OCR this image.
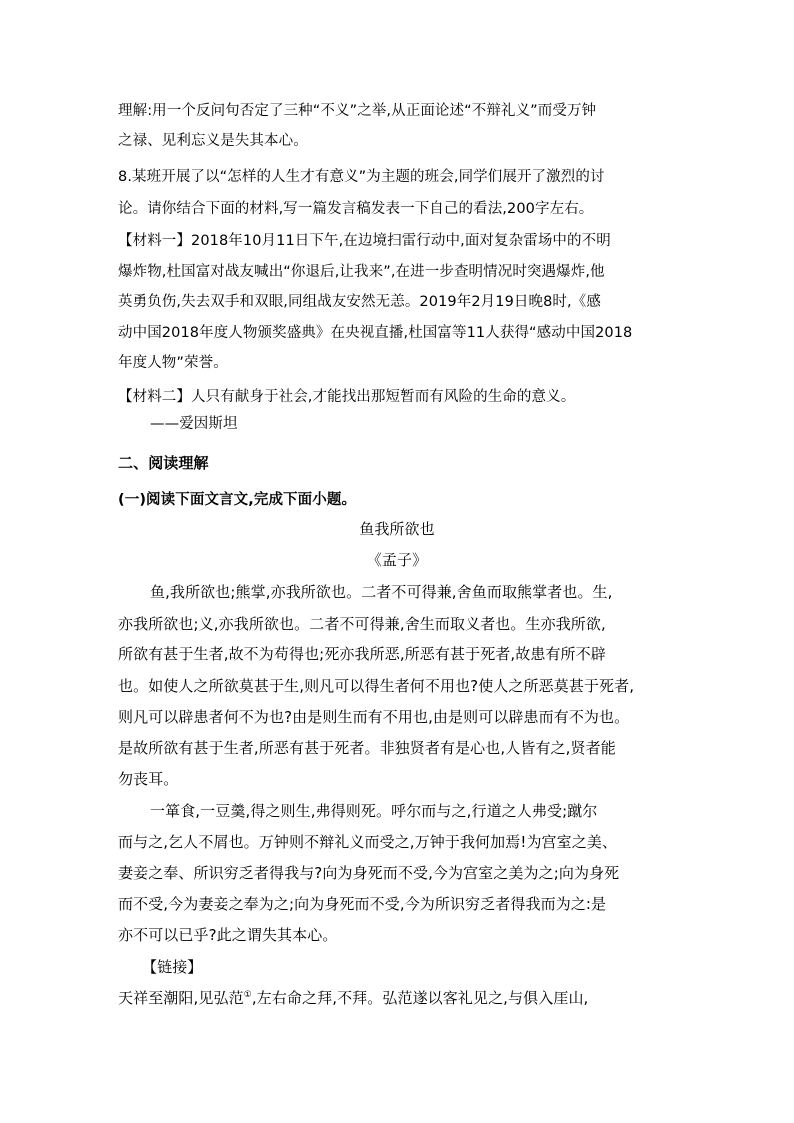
理解:用一个反问句否定了三种“不义”之举,从正面论述“不辩礼义”而受万钟
之禄、见利忘义是失其本心。
8.某班开展了以“怎样的人生才有意义”为主题的班会,同学们展开了激烈的讨
论。请你结合下面的材料,写一篇发言稿发表一下自己的看法,200字左右。
【材料一】2018年10月11日下午,在边境扫雷行动中,面对复杂雷场中的不明
爆炸物,杜国富对战友喊出“你退后,让我来”,在进一步查明情况时突遇爆炸,他
英勇负伤,失去双手和双眼,同组战友安然无恙。2019年2月19日晚8时,《感
动中国2018年度人物颁奖盛典》在央视直播,杜国富等11人获得“感动中国2018
年度人物”荣誉。
【材料二】人只有献身于社会,才能找出那短暂而有风险的生命的意义。
——爱因斯坦
二、阅读理解
(一)阅读下面文言文,完成下面小题。
鱼我所欲也
《孟子》
鱼,我所欲也;熊掌,亦我所欲也。二者不可得兼,舍鱼而取熊掌者也。生,
亦我所欲也;义,亦我所欲也。二者不可得兼,舍生而取义者也。生亦我所欲,
所欲有甚于生者,故不为苟得也;死亦我所恶,所恶有甚于死者,故患有所不辟
也。如使人之所欲莫甚于生,则凡可以得生者何不用也?使人之所恶莫甚于死者,
则凡可以辟患者何不为也?由是则生而有不用也,由是则可以辟患而有不为也。
是故所欲有甚于生者,所恶有甚于死者。非独贤者有是心也,人皆有之,贤者能
勿丧耳。
一箪食,一豆羹,得之则生,弗得则死。呼尔而与之,行道之人弗受;蹴尔
而与之,乞人不屑也。万钟则不辩礼义而受之,万钟于我何加焉!为宫室之美、
妻妾之奉、所识穷乏者得我与?向为身死而不受,今为宫室之美为之;向为身死
而不受,今为妻妾之奉为之;向为身死而不受,今为所识穷乏者得我而为之:是
亦不可以已乎?此之谓失其本心。
【链接】
天祥至潮阳,见弘范①,左右命之拜,不拜。弘范遂以客礼见之,与俱入厓山,
